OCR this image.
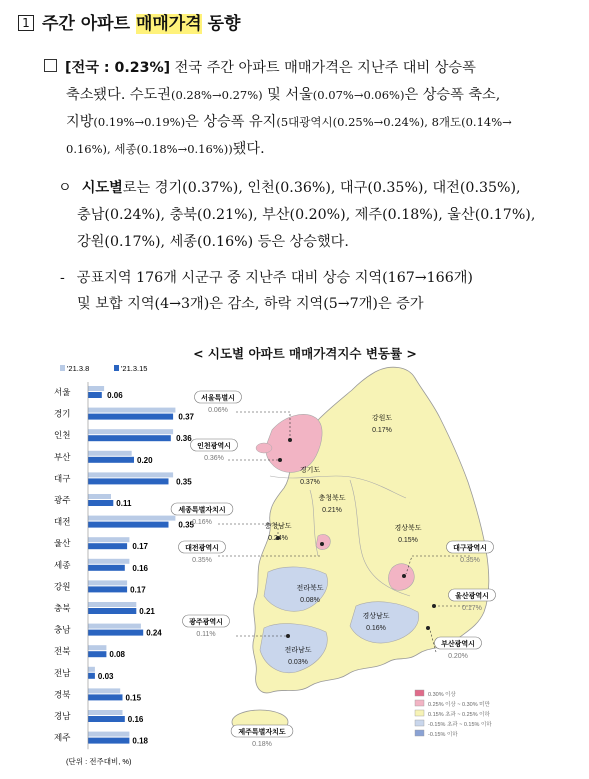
1 주간 아파트 매매가격 동향
[전국 : 0.23%] 전국 주간 아파트 매매가격은 지난주 대비 상승폭
축소됐다. 수도권(0.28%→0.27%) 및 서울(0.07%→0.06%)은 상승폭 축소,
지방(0.19%→0.19%)은 상승폭 유지(5대광역시(0.25%→0.24%), 8개도(0.14%→
0.16%), 세종(0.18%→0.16%))됐다.
ㅇ 시도별로는 경기(0.37%), 인천(0.36%), 대구(0.35%), 대전(0.35%),
충남(0.24%), 충북(0.21%), 부산(0.20%), 제주(0.18%), 울산(0.17%),
강원(0.17%), 세종(0.16%) 등은 상승했다.
- 공표지역 176개 시군구 중 지난주 대비 상승 지역(167→166개)
및 보합 지역(4→3개)은 감소, 하락 지역(5→7개)은 증가
< 시도별 아파트 매매가격지수 변동률 >
'21.3.8	'21.3.15
서울	0.06
경기	0.37
인천	0.36
부산	0.20
대구	0.35
광주	0.11
대전	0.35
울산	0.17
세종	0.16
강원	0.17
충북	0.21
충남	0.24
전북	0.08
전남	0.03
경북	0.15
경남	0.16
제주	0.18
(단위 : 전주대비, %)
서울특별시
0.06%
인천광역시
0.36%
경기도
0.37%
강원도
0.17%
세종특별자치시
0.16%
충청북도
0.21%
충청남도
0.24%
대전광역시
0.35%
경상북도
0.15%
대구광역시
0.35%
전라북도
0.08%
울산광역시
0.17%
경상남도
0.16%
광주광역시
0.11%
부산광역시
0.20%
전라남도
0.03%
제주특별자치도
0.18%
0.30% 이상
0.25% 이상 ~ 0.30% 미만
0.15% 초과 ~ 0.25% 이하
-0.15% 초과 ~ 0.15% 이하
-0.15% 이하
